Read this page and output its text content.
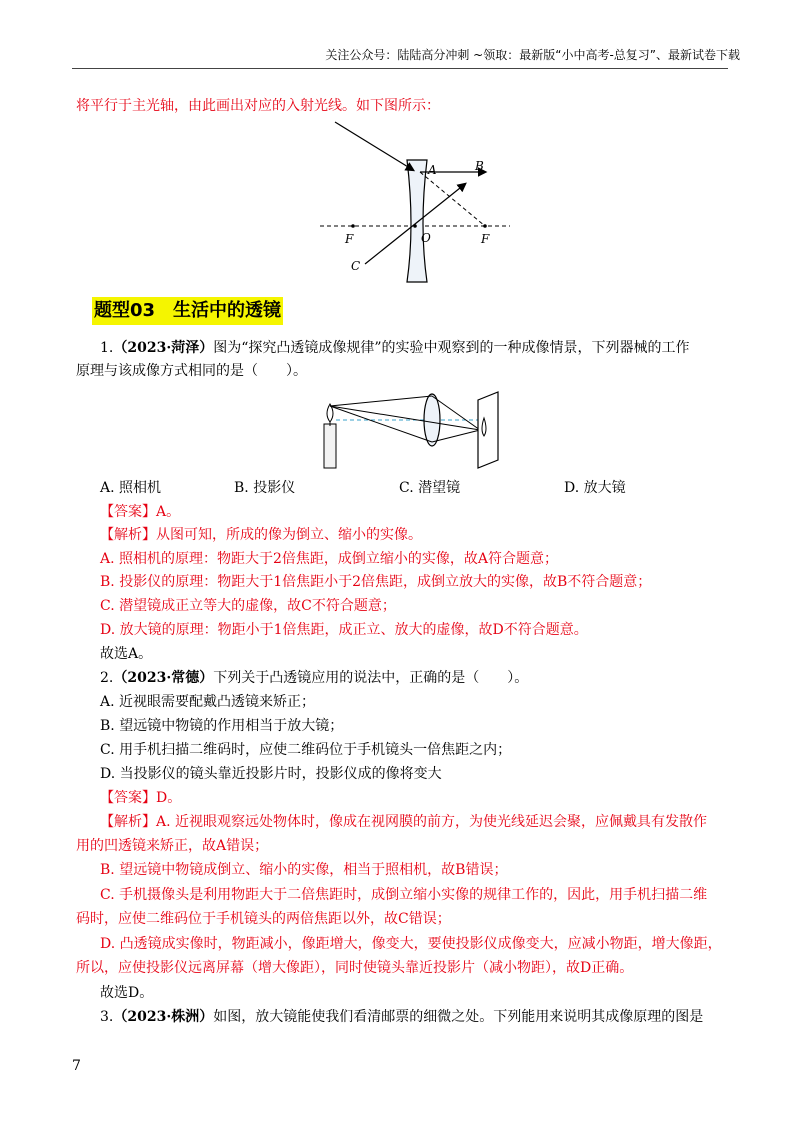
关注公众号：陆陆高分冲刺 ~领取：最新版“小中高考-总复习”、最新试卷下载
将平行于主光轴，由此画出对应的入射光线。如下图所示：
A	B
F	O	F
C
题型03　生活中的透镜
1.（2023·菏泽）图为“探究凸透镜成像规律”的实验中观察到的一种成像情景，下列器械的工作
原理与该成像方式相同的是（　　）。
A. 照相机	B. 投影仪	C. 潜望镜	D. 放大镜
【答案】A。
【解析】从图可知，所成的像为倒立、缩小的实像。
A. 照相机的原理：物距大于2倍焦距，成倒立缩小的实像，故A符合题意；
B. 投影仪的原理：物距大于1倍焦距小于2倍焦距，成倒立放大的实像，故B不符合题意；
C. 潜望镜成正立等大的虚像，故C不符合题意；
D. 放大镜的原理：物距小于1倍焦距，成正立、放大的虚像，故D不符合题意。
故选A。
2.（2023·常德）下列关于凸透镜应用的说法中，正确的是（　　）。
A. 近视眼需要配戴凸透镜来矫正；
B. 望远镜中物镜的作用相当于放大镜；
C. 用手机扫描二维码时，应使二维码位于手机镜头一倍焦距之内；
D. 当投影仪的镜头靠近投影片时，投影仪成的像将变大
【答案】D。
【解析】A. 近视眼观察远处物体时，像成在视网膜的前方，为使光线延迟会聚，应佩戴具有发散作
用的凹透镜来矫正，故A错误；
B. 望远镜中物镜成倒立、缩小的实像，相当于照相机，故B错误；
C. 手机摄像头是利用物距大于二倍焦距时，成倒立缩小实像的规律工作的，因此，用手机扫描二维
码时，应使二维码位于手机镜头的两倍焦距以外，故C错误；
D. 凸透镜成实像时，物距减小，像距增大，像变大，要使投影仪成像变大，应减小物距，增大像距，
所以，应使投影仪远离屏幕（增大像距），同时使镜头靠近投影片（减小物距），故D正确。
故选D。
3.（2023·株洲）如图，放大镜能使我们看清邮票的细微之处。下列能用来说明其成像原理的图是
7
